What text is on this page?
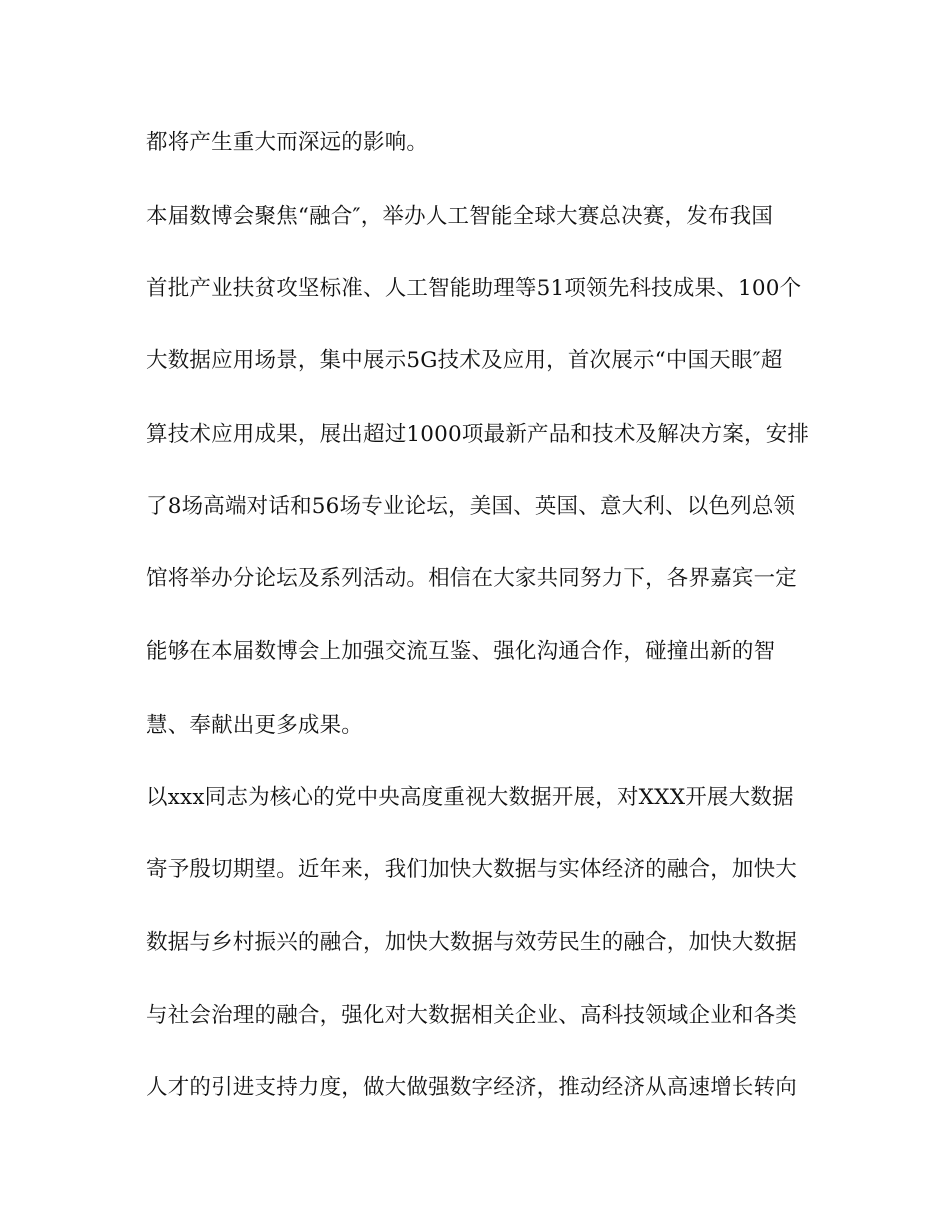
都将产生重大而深远的影响。
本届数博会聚焦“融合″，举办人工智能全球大赛总决赛，发布我国
首批产业扶贫攻坚标准、人工智能助理等51项领先科技成果、100个
大数据应用场景，集中展示5G技术及应用，首次展示“中国天眼″超
算技术应用成果，展出超过1000项最新产品和技术及解决方案，安排
了8场高端对话和56场专业论坛，美国、英国、意大利、以色列总领
馆将举办分论坛及系列活动。相信在大家共同努力下，各界嘉宾一定
能够在本届数博会上加强交流互鉴、强化沟通合作，碰撞出新的智
慧、奉献出更多成果。
以xxx同志为核心的党中央高度重视大数据开展，对XXX开展大数据
寄予殷切期望。近年来，我们加快大数据与实体经济的融合，加快大
数据与乡村振兴的融合，加快大数据与效劳民生的融合，加快大数据
与社会治理的融合，强化对大数据相关企业、高科技领域企业和各类
人才的引进支持力度，做大做强数字经济，推动经济从高速增长转向
